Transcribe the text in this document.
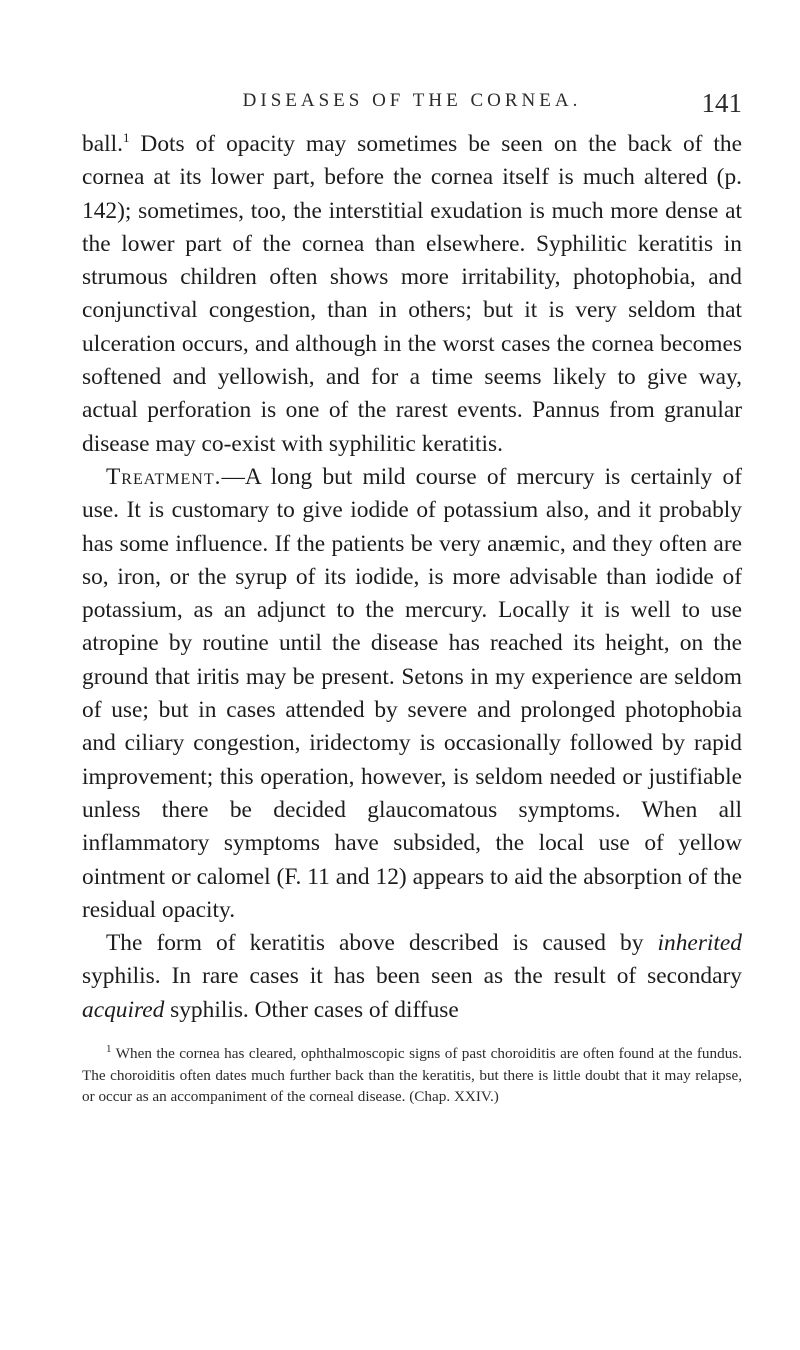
DISEASES OF THE CORNEA.	141

ball.$^1$ Dots of opacity may sometimes be seen on the back of the cornea at its lower part, before the cornea itself is much altered (p. 142); sometimes, too, the interstitial exudation is much more dense at the lower part of the cornea than elsewhere. Syphilitic keratitis in strumous children often shows more irritability, photophobia, and conjunctival congestion, than in others; but it is very seldom that ulceration occurs, and although in the worst cases the cornea becomes softened and yellowish, and for a time seems likely to give way, actual perforation is one of the rarest events. Pannus from granular disease may co-exist with syphilitic keratitis.

Treatment.—A long but mild course of mercury is certainly of use. It is customary to give iodide of potassium also, and it probably has some influence. If the patients be very anæmic, and they often are so, iron, or the syrup of its iodide, is more advisable than iodide of potassium, as an adjunct to the mercury. Locally it is well to use atropine by routine until the disease has reached its height, on the ground that iritis may be present. Setons in my experience are seldom of use; but in cases attended by severe and prolonged photophobia and ciliary congestion, iridectomy is occasionally followed by rapid improvement; this operation, however, is seldom needed or justifiable unless there be decided glaucomatous symptoms. When all inflammatory symptoms have subsided, the local use of yellow ointment or calomel (F. 11 and 12) appears to aid the absorption of the residual opacity.

The form of keratitis above described is caused by inherited syphilis. In rare cases it has been seen as the result of secondary acquired syphilis. Other cases of diffuse

$^1$ When the cornea has cleared, ophthalmoscopic signs of past choroiditis are often found at the fundus. The choroiditis often dates much further back than the keratitis, but there is little doubt that it may relapse, or occur as an accompaniment of the corneal disease. (Chap. XXIV.)
